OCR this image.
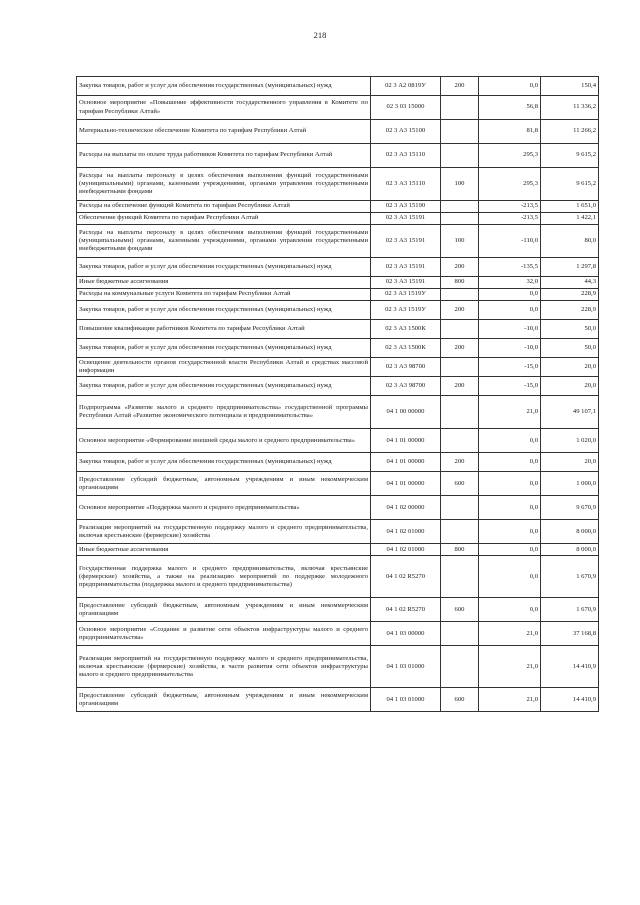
218
Закупка товаров, работ и услуг для обеспечения государственных (муниципальных) нужд	02 3 А2 0819У	200	0,0	150,4
Основное мероприятие «Повышение эффективности государственного управления в Комитете по тарифам Республики Алтай»	02 3 03 15000		56,8	11 336,2
Материально-техническое обеспечение Комитета по тарифам Республики Алтай	02 3 А3 15100		81,8	11 266,2
Расходы на выплаты по оплате труда работников Комитета по тарифам Республики Алтай	02 3 А3 15110		295,3	9 615,2
Расходы на выплаты персоналу в целях обеспечения выполнения функций государственными (муниципальными) органами, казенными учреждениями, органами управления государственными внебюджетными фондами	02 3 А3 15110	100	295,3	9 615,2
Расходы на обеспечение функций Комитета по тарифам Республики Алтай	02 3 А3 15190		-213,5	1 651,0
Обеспечение функций Комитета по тарифам Республики Алтай	02 3 А3 15191		-213,5	1 422,1
Расходы на выплаты персоналу в целях обеспечения выполнения функций государственными (муниципальными) органами, казенными учреждениями, органами управления государственными внебюджетными фондами	02 3 А3 15191	100	-110,0	80,0
Закупка товаров, работ и услуг для обеспечения государственных (муниципальных) нужд	02 3 А3 15191	200	-135,5	1 297,8
Иные бюджетные ассигнования	02 3 А3 15191	800	32,0	44,3
Расходы на коммунальные услуги Комитета по тарифам Республики Алтай	02 3 А3 1519У		0,0	228,9
Закупка товаров, работ и услуг для обеспечения государственных (муниципальных) нужд	02 3 А3 1519У	200	0,0	228,9
Повышение квалификации работников Комитета по тарифам Республики Алтай	02 3 А3 1500К		-10,0	50,0
Закупка товаров, работ и услуг для обеспечения государственных (муниципальных) нужд	02 3 А3 1500К	200	-10,0	50,0
Освещение деятельности органов государственной власти Республики Алтай в средствах массовой информации	02 3 А3 98700		-15,0	20,0
Закупка товаров, работ и услуг для обеспечения государственных (муниципальных) нужд	02 3 А3 98700	200	-15,0	20,0
Подпрограмма «Развитие малого и среднего предпринимательства» государственной программы Республики Алтай «Развитие экономического потенциала и предпринимательства»	04 1 00 00000		21,0	49 107,1
Основное мероприятие «Формирование внешней среды малого и среднего предпринимательства»	04 1 01 00000		0,0	1 020,0
Закупка товаров, работ и услуг для обеспечения государственных (муниципальных) нужд	04 1 01 00000	200	0,0	20,0
Предоставление субсидий бюджетным, автономным учреждениям и иным некоммерческим организациям	04 1 01 00000	600	0,0	1 000,0
Основное мероприятие «Поддержка малого и среднего предпринимательства»	04 1 02 00000		0,0	9 670,9
Реализация мероприятий на государственную поддержку малого и среднего предпринимательства, включая крестьянские (фермерские) хозяйства	04 1 02 01000		0,0	8 000,0
Иные бюджетные ассигнования	04 1 02 01000	800	0,0	8 000,0
Государственная поддержка малого и среднего предпринимательства, включая крестьянские (фермерские) хозяйства, а также на реализацию мероприятий по поддержке молодежного предпринимательства (поддержка малого и среднего предпринимательства)	04 1 02 R5270		0,0	1 670,9
Предоставление субсидий бюджетным, автономным учреждениям и иным некоммерческим организациям	04 1 02 R5270	600	0,0	1 670,9
Основное мероприятие «Создание и развитие сети объектов инфраструктуры малого и среднего предпринимательства»	04 1 03 00000		21,0	37 168,8
Реализация мероприятий на государственную поддержку малого и среднего предпринимательства, включая крестьянские (фермерские) хозяйства, в части развития сети объектов инфраструктуры малого и среднего предпринимательства	04 1 03 01000		21,0	14 410,9
Предоставление субсидий бюджетным, автономным учреждениям и иным некоммерческим организациям	04 1 03 01000	600	21,0	14 410,9
